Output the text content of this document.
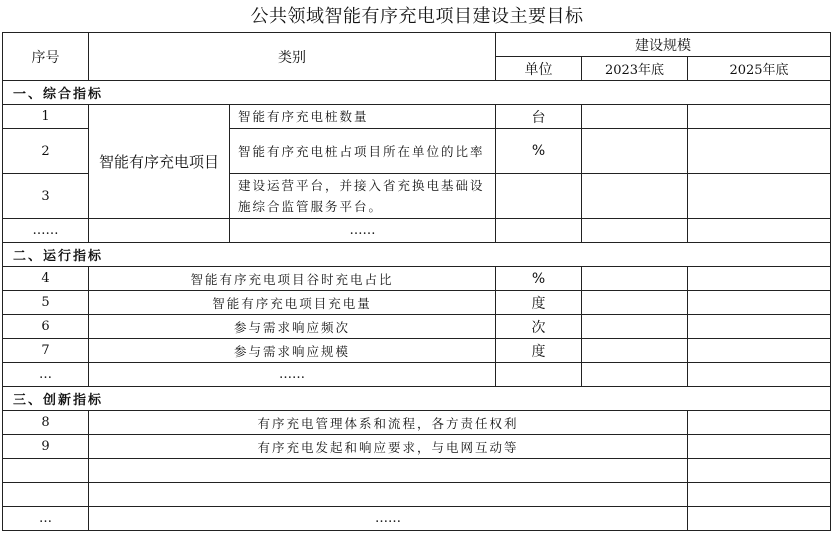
公共领域智能有序充电项目建设主要目标
序号	类别		建设规模		
			单位	2023年底	2025年底
一、综合指标					
1	智能有序充电项目	智能有序充电桩数量	台		
2		智能有序充电桩占项目所在单位的比率	%		
3		建设运营平台，并接入省充换电基础设施综合监管服务平台。			
……		……			
二、运行指标					
4	智能有序充电项目谷时充电占比		%		
5	智能有序充电项目充电量		度		
6	参与需求响应频次		次		
7	参与需求响应规模		度		
…	……				
三、创新指标					
8	有序充电管理体系和流程，各方责任权利				
9	有序充电发起和响应要求，与电网互动等				

…	……				
